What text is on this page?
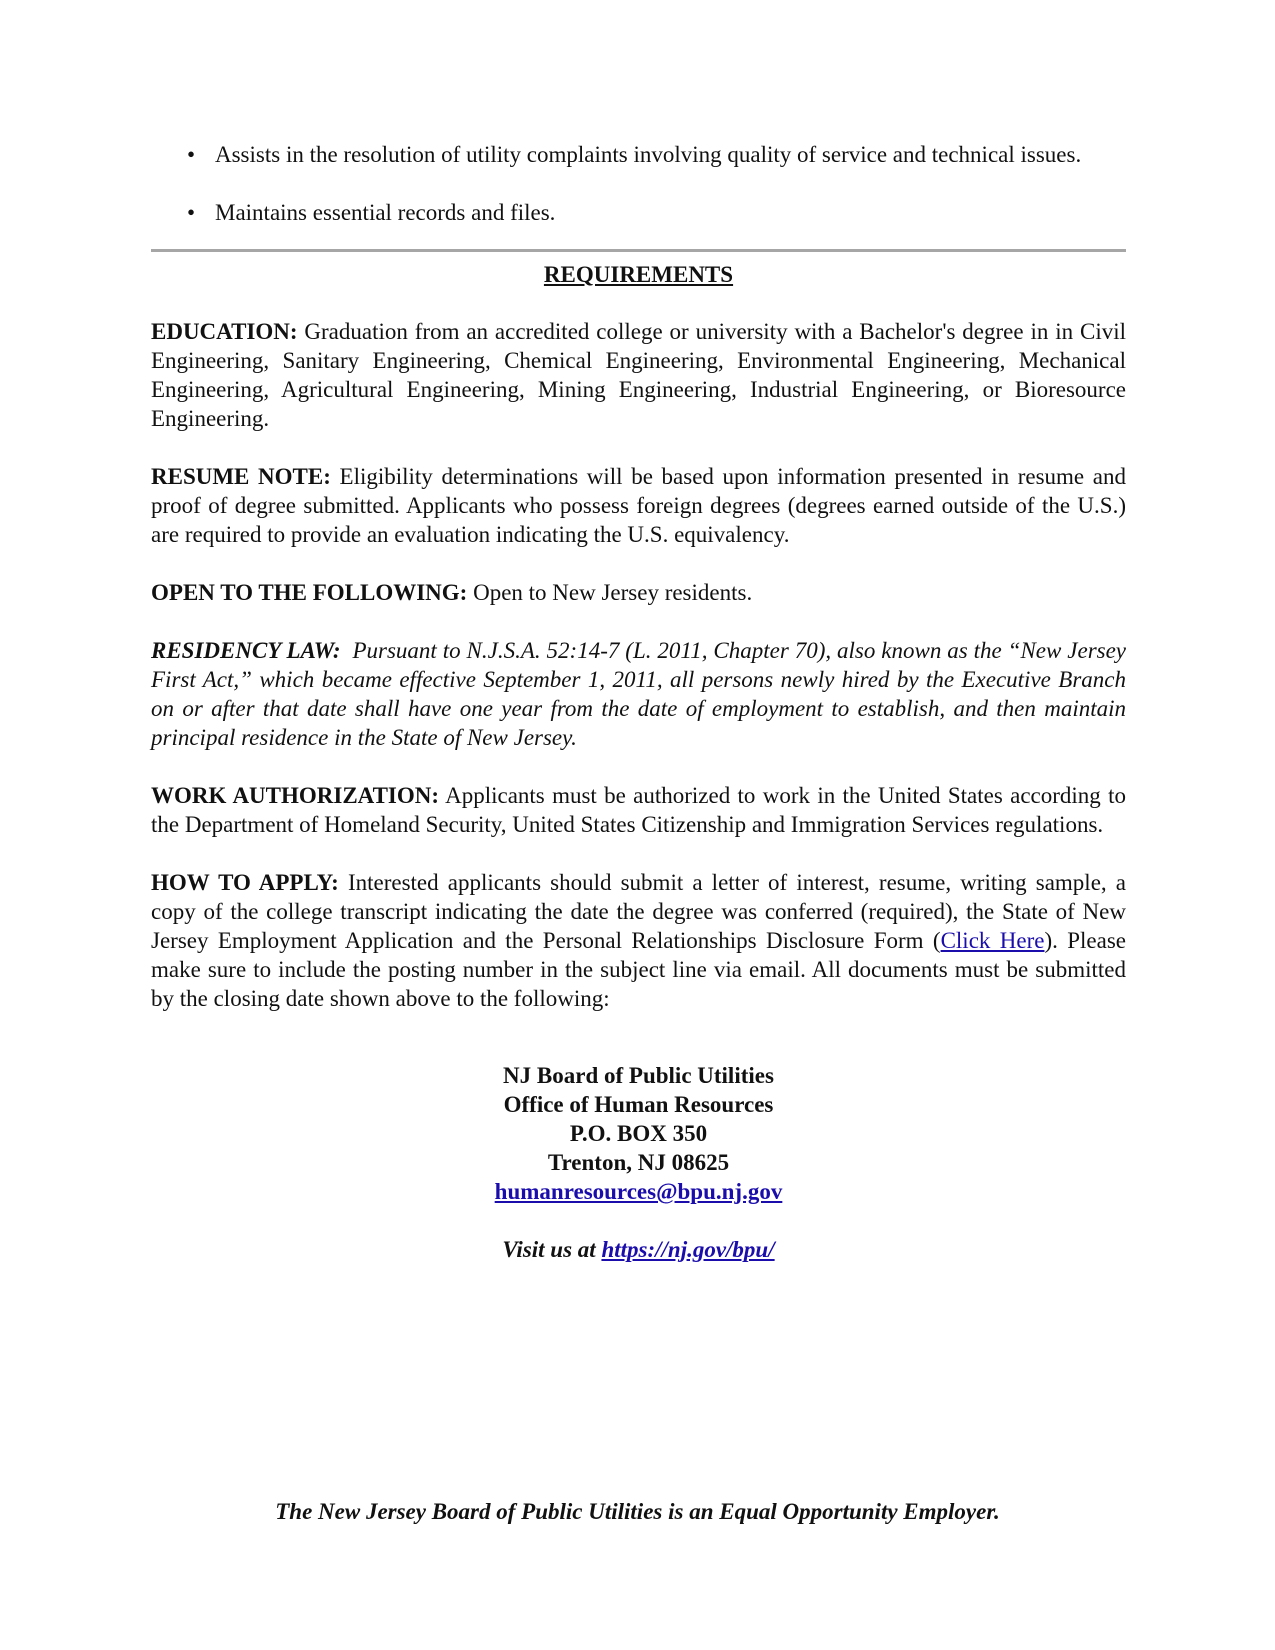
• Assists in the resolution of utility complaints involving quality of service and technical issues.
• Maintains essential records and files.
REQUIREMENTS

EDUCATION: Graduation from an accredited college or university with a Bachelor's degree in in Civil Engineering, Sanitary Engineering, Chemical Engineering, Environmental Engineering, Mechanical Engineering, Agricultural Engineering, Mining Engineering, Industrial Engineering, or Bioresource Engineering.

RESUME NOTE: Eligibility determinations will be based upon information presented in resume and proof of degree submitted. Applicants who possess foreign degrees (degrees earned outside of the U.S.) are required to provide an evaluation indicating the U.S. equivalency.

OPEN TO THE FOLLOWING: Open to New Jersey residents.

RESIDENCY LAW: Pursuant to N.J.S.A. 52:14-7 (L. 2011, Chapter 70), also known as the “New Jersey First Act,” which became effective September 1, 2011, all persons newly hired by the Executive Branch on or after that date shall have one year from the date of employment to establish, and then maintain principal residence in the State of New Jersey.

WORK AUTHORIZATION: Applicants must be authorized to work in the United States according to the Department of Homeland Security, United States Citizenship and Immigration Services regulations.

HOW TO APPLY: Interested applicants should submit a letter of interest, resume, writing sample, a copy of the college transcript indicating the date the degree was conferred (required), the State of New Jersey Employment Application and the Personal Relationships Disclosure Form (Click Here). Please make sure to include the posting number in the subject line via email. All documents must be submitted by the closing date shown above to the following:

NJ Board of Public Utilities
Office of Human Resources
P.O. BOX 350
Trenton, NJ 08625
humanresources@bpu.nj.gov
Visit us at https://nj.gov/bpu/
The New Jersey Board of Public Utilities is an Equal Opportunity Employer.
